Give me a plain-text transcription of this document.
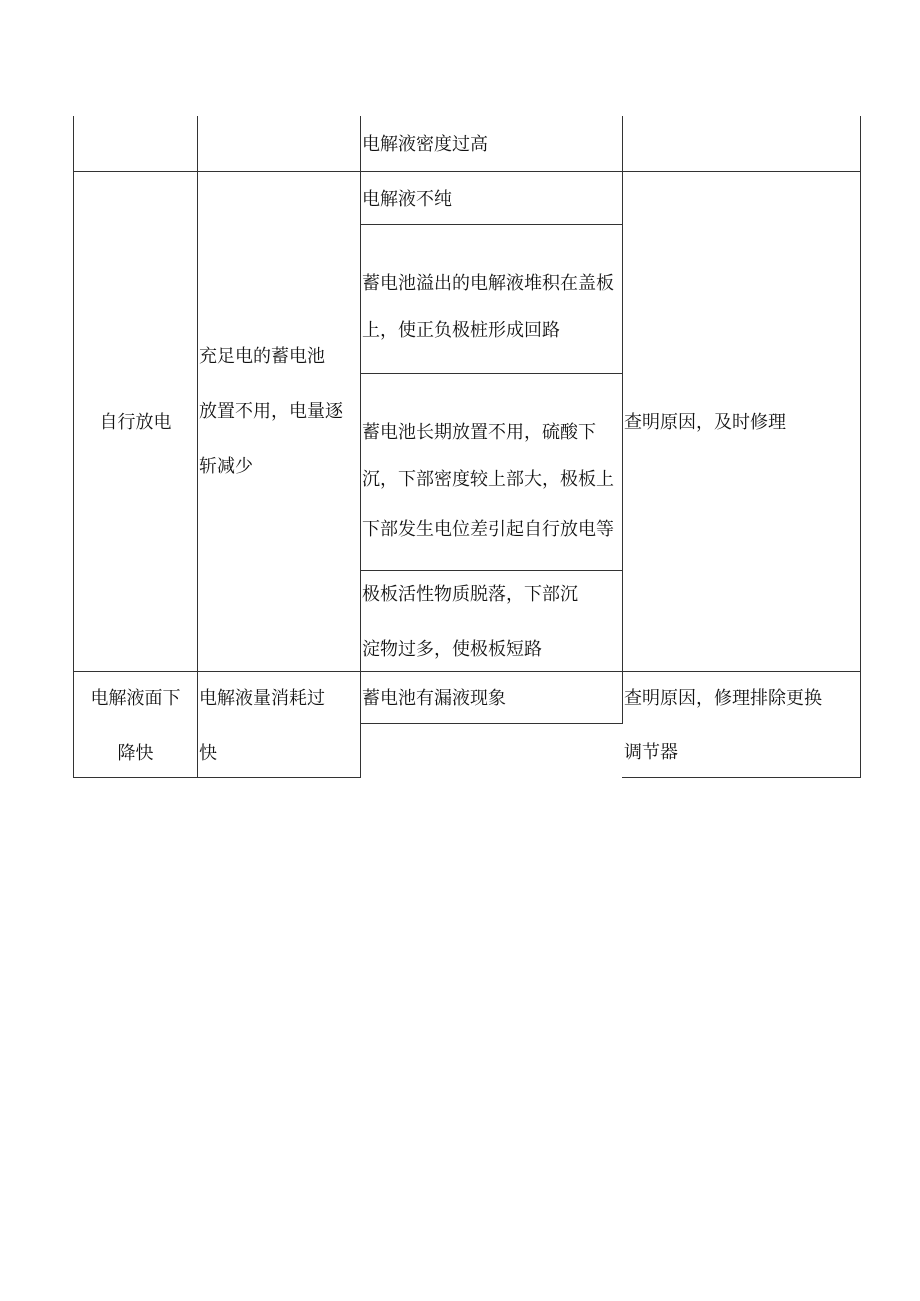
电解液密度过高
自行放电
充足电的蓄电池
放置不用，电量逐
斩减少
电解液不纯
蓄电池溢出的电解液堆积在盖板
上，使正负极桩形成回路
蓄电池长期放置不用，硫酸下
沉，下部密度较上部大，极板上
下部发生电位差引起自行放电等
极板活性物质脱落，下部沉
淀物过多，使极板短路
查明原因，及时修理
电解液面下
降快
电解液量消耗过
快
蓄电池有漏液现象	查明原因，修理排除更换
调节器
